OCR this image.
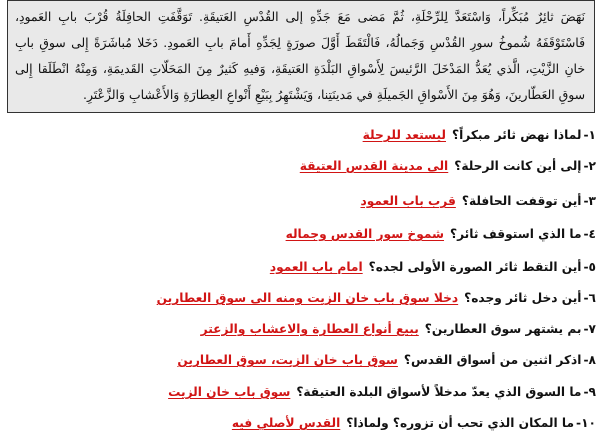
نَهَضَ ثائِرٌ مُبَكِّراً، وَاسْتَعَدَّ لِلرِّحْلَةِ، ثُمَّ مَضى مَعَ جَدِّهِ إلى القُدْسِ العَتيقَةِ. تَوَقَّفَتِ الحافِلَةُ قُرْبَ بابِ العَمودِ، فَاسْتَوْقَفَهُ شُموخُ سورِ القُدْسِ وَجَمالُهُ، فَالْتَقَطَ أَوَّلَ صورَةٍ لِجَدِّهِ أَمامَ بابِ العَمودِ. دَخَلا مُباشَرَةً إِلى سوقِ بابِ خانِ الزَّيْتِ، الَّذي يُعَدُّ المَدْخَلَ الرَّئيسَ لِأَسْواقِ البَلْدَةِ العَتيقَةِ، وَفيهِ كَثيرٌ مِنَ المَحَلّاتِ القَديمَةِ، وَمِنْهُ انْطَلَقا إِلى سوقِ العَطّارينَ، وَهُوَ مِنَ الأَسْواقِ الجَميلَةِ في مَدينَتِنا، وَيَشْتَهِرُ بِبَيْعِ أَنْواعِ العِطارَةِ وَالأَعْشابِ وَالزَّعْتَرِ.

١-
لماذا نهض ثائر مبكراً؟
ليستعد للرحلة
٢-
إلى أين كانت الرحلة؟
الى مدينة القدس العتيقة
٣-
أين توقفت الحافلة؟
قرب باب العمود
٤-
ما الذي استوقف ثائر؟
شموخ سور القدس وجماله
٥-
أين التقط ثائر الصورة الأولى لجده؟
امام باب العمود
٦-
أين دخل ثائر وجده؟
دخلا سوق باب خان الزيت ومنه الى سوق العطارين
٧-
بم يشتهر سوق العطارين؟
ببيع أنواع العطارة والاعشاب والزعتر
٨-
اذكر اثنين من أسواق القدس؟
سوق باب خان الزيت، سوق العطارين
٩-
ما السوق الذي يعدّ مدخلاً لأسواق البلدة العتيقة؟
سوق باب خان الزيت
١٠-
ما المكان الذي تحب أن تزوره؟ ولماذا؟
القدس لأصلي فيه
